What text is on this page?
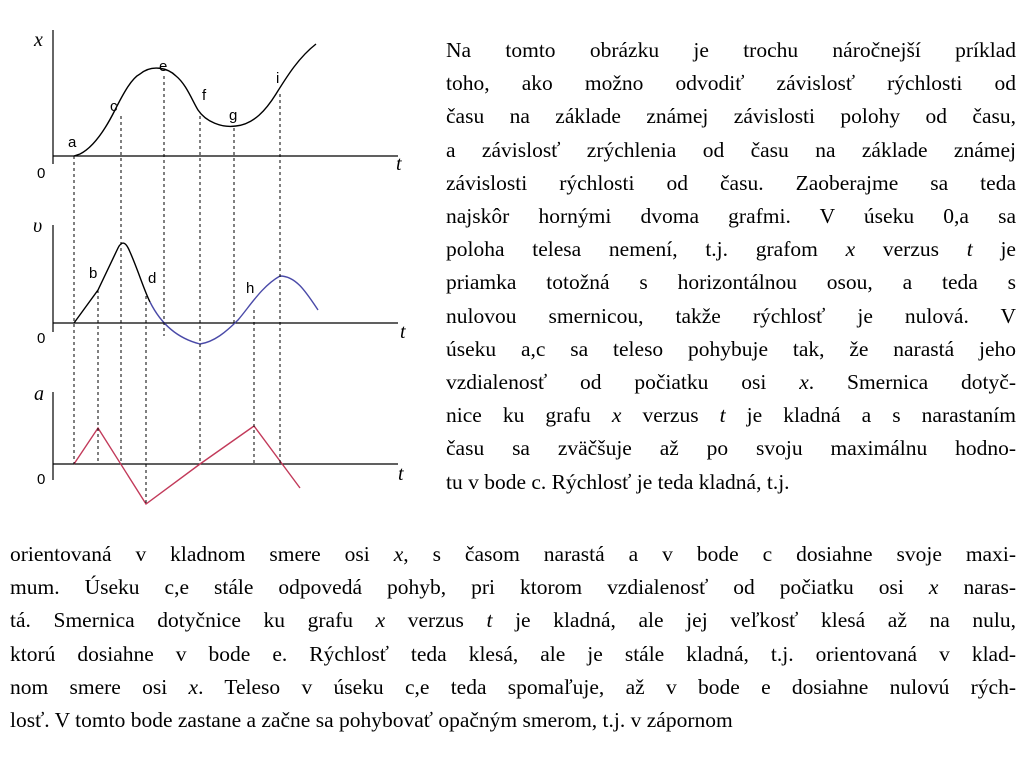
x
t
0
a
c
e
f
g
i
υ
t
0
b	d
h
a
t
0
Na tomto obrázku je trochu náročnejší príklad
toho, ako možno odvodiť závislosť rýchlosti od
času na základe známej závislosti polohy od času,
a závislosť zrýchlenia od času na základe známej
závislosti rýchlosti od času. Zaoberajme sa teda
najskôr hornými dvoma grafmi. V úseku 0,a sa
poloha telesa nemení, t.j. grafom x verzus t je
priamka totožná s horizontálnou osou, a teda s
nulovou smernicou, takže rýchlosť je nulová. V
úseku a,c sa teleso pohybuje tak, že narastá jeho
vzdialenosť od počiatku osi x. Smernica dotyč-
nice ku grafu x verzus t je kladná a s narastaním
času sa zväčšuje až po svoju maximálnu hodno-
tu v bode c. Rýchlosť je teda kladná, t.j.
orientovaná v kladnom smere osi x, s časom narastá a v bode c dosiahne svoje maxi-
mum. Úseku c,e stále odpovedá pohyb, pri ktorom vzdialenosť od počiatku osi x naras-
tá. Smernica dotyčnice ku grafu x verzus t je kladná, ale jej veľkosť klesá až na nulu,
ktorú dosiahne v bode e. Rýchlosť teda klesá, ale je stále kladná, t.j. orientovaná v klad-
nom smere osi x. Teleso v úseku c,e teda spomaľuje, až v bode e dosiahne nulovú rých-
losť. V tomto bode zastane a začne sa pohybovať opačným smerom, t.j. v zápornom
